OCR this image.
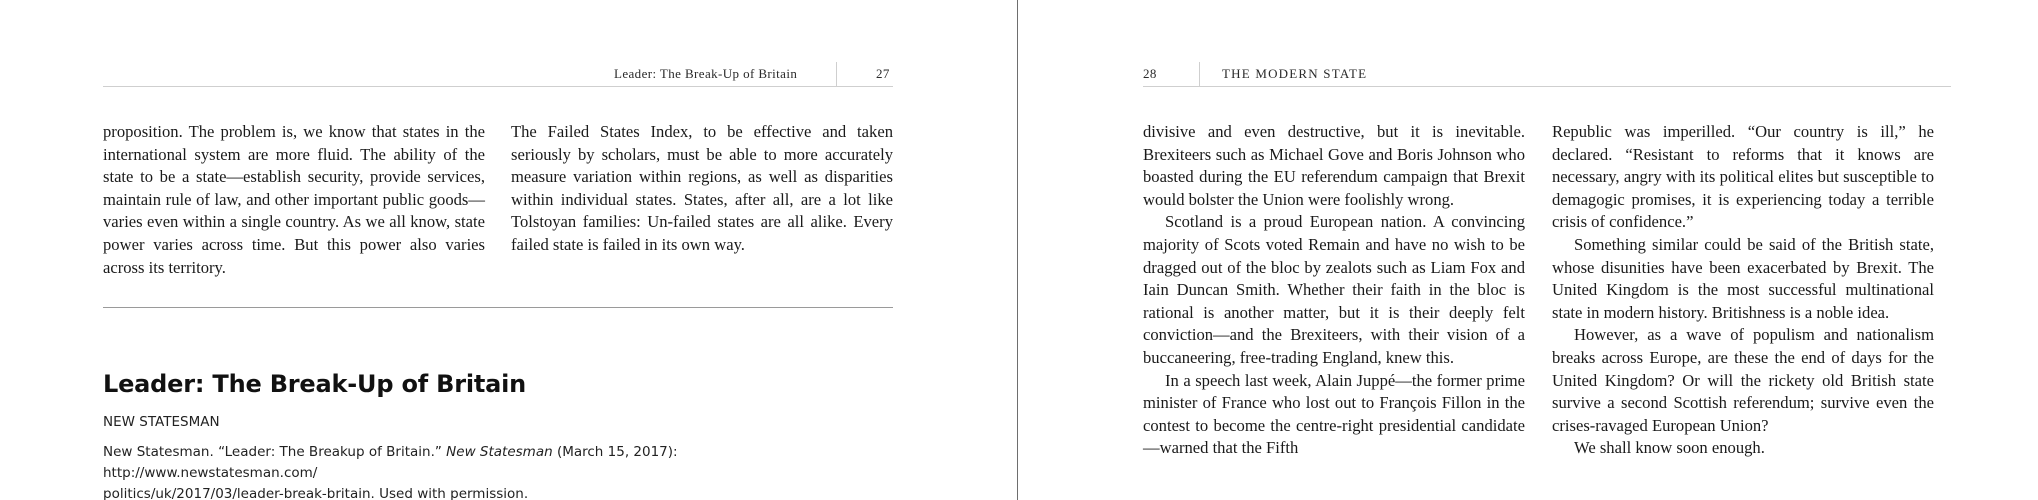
Leader: The Break-Up of Britain	27

proposition. The problem is, we know that states in the international system are more fluid. The ability of the state to be a state—establish security, provide services, maintain rule of law, and other important public goods—varies even within a single country. As we all know, state power varies across time. But this power also varies across its territory.

The Failed States Index, to be effective and taken seriously by scholars, must be able to more accurately measure variation within regions, as well as disparities within individual states. States, after all, are a lot like Tolstoyan families: Un-failed states are all alike. Every failed state is failed in its own way.

Leader: The Break-Up of Britain
NEW STATESMAN
New Statesman. “Leader: The Breakup of Britain.” New Statesman (March 15, 2017): http://www.newstatesman.com/
politics/uk/2017/03/leader-break-britain. Used with permission.
28	THE MODERN STATE

divisive and even destructive, but it is inevitable. Brexiteers such as Michael Gove and Boris Johnson who boasted during the EU referendum campaign that Brexit would bolster the Union were foolishly wrong.

Scotland is a proud European nation. A convincing majority of Scots voted Remain and have no wish to be dragged out of the bloc by zealots such as Liam Fox and Iain Duncan Smith. Whether their faith in the bloc is rational is another matter, but it is their deeply felt conviction—and the Brexiteers, with their vision of a buccaneering, free-trading England, knew this.

In a speech last week, Alain Juppé—the former prime minister of France who lost out to François Fillon in the contest to become the centre-right presidential candidate—warned that the Fifth

Republic was imperilled. “Our country is ill,” he declared. “Resistant to reforms that it knows are necessary, angry with its political elites but susceptible to demagogic promises, it is experiencing today a terrible crisis of confidence.”

Something similar could be said of the British state, whose disunities have been exacerbated by Brexit. The United Kingdom is the most successful multinational state in modern history. Britishness is a noble idea.

However, as a wave of populism and nationalism breaks across Europe, are these the end of days for the United Kingdom? Or will the rickety old British state survive a second Scottish referendum; survive even the crises-ravaged European Union?

We shall know soon enough.
